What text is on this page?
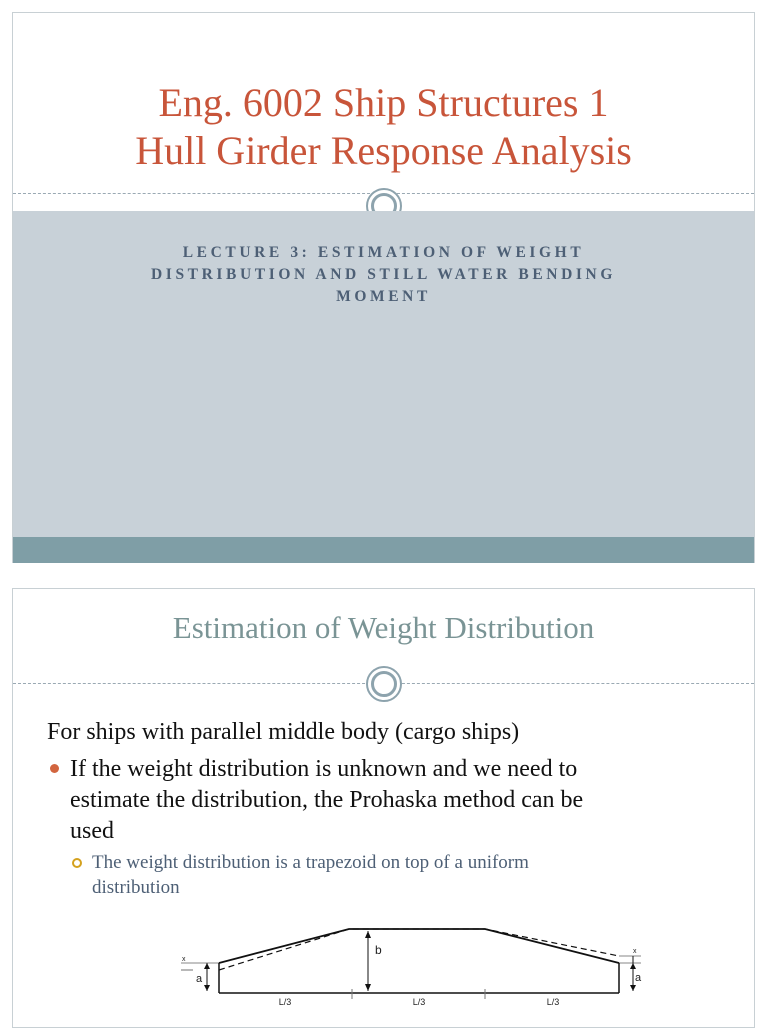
Eng. 6002 Ship Structures 1
Hull Girder Response Analysis
LECTURE 3: ESTIMATION OF WEIGHT
DISTRIBUTION AND STILL WATER BENDING
MOMENT
Estimation of Weight Distribution
For ships with parallel middle body (cargo ships)
If the weight distribution is unknown and we need to
estimate the distribution, the Prohaska method can be
used
The weight distribution is a trapezoid on top of a uniform
distribution
b
a
x
a
x
L/3	L/3	L/3
